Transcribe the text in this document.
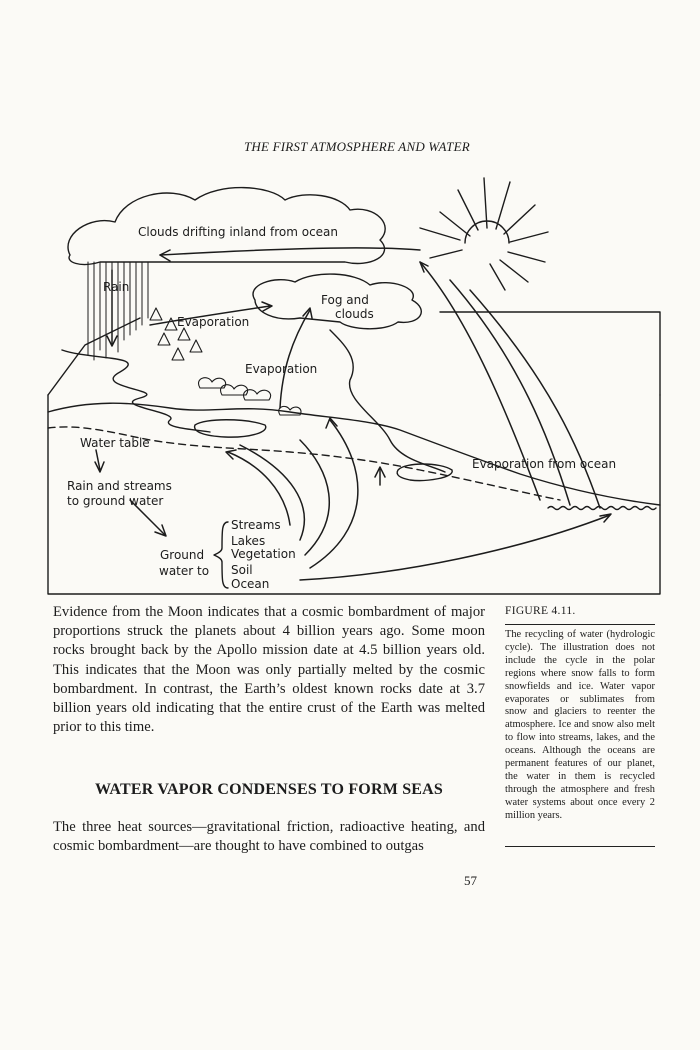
THE FIRST ATMOSPHERE AND WATER
Clouds drifting inland from ocean
Rain
Fog and
clouds
Evaporation
Evaporation
Water table
Rain and streams
to ground water
Evaporation from ocean
Ground
water to
Streams
Lakes
Vegetation
Soil
Ocean
Evidence from the Moon indicates that a cosmic bombardment of major proportions struck the planets about 4 billion years ago. Some moon rocks brought back by the Apollo mission date at 4.5 billion years old. This indicates that the Moon was only partially melted by the cosmic bombardment. In contrast, the Earth’s oldest known rocks date at 3.7 billion years old indicating that the entire crust of the Earth was melted prior to this time.
WATER VAPOR CONDENSES TO FORM SEAS
The three heat sources—gravitational friction, radioactive heating, and cosmic bombardment—are thought to have combined to outgas
FIGURE 4.11.
The recycling of water (hydrologic cycle). The illustration does not include the cycle in the polar regions where snow falls to form snowfields and ice. Water vapor evaporates or sublimates from snow and glaciers to reenter the atmosphere. Ice and snow also melt to flow into streams, lakes, and the oceans. Although the oceans are permanent features of our planet, the water in them is recycled through the atmosphere and fresh water systems about once every 2 million years.
57
